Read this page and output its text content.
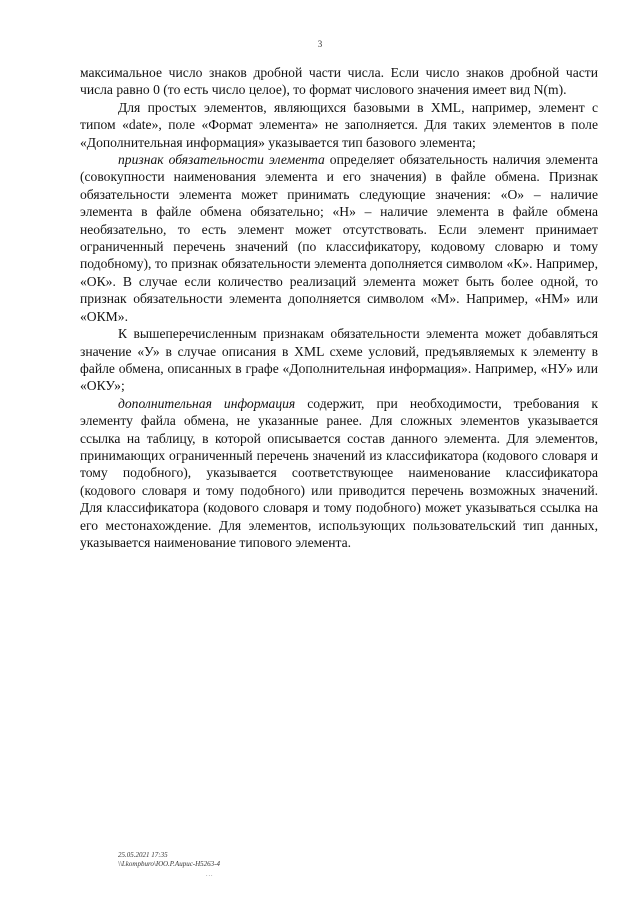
3

максимальное число знаков дробной части числа. Если число знаков дробной части числа равно 0 (то есть число целое), то формат числового значения имеет вид N(m).

Для простых элементов, являющихся базовыми в XML, например, элемент с типом «date», поле «Формат элемента» не заполняется. Для таких элементов в поле «Дополнительная информация» указывается тип базового элемента;

признак обязательности элемента определяет обязательность наличия элемента (совокупности наименования элемента и его значения) в файле обмена. Признак обязательности элемента может принимать следующие значения: «О» – наличие элемента в файле обмена обязательно; «Н» – наличие элемента в файле обмена необязательно, то есть элемент может отсутствовать. Если элемент принимает ограниченный перечень значений (по классификатору, кодовому словарю и тому подобному), то признак обязательности элемента дополняется символом «К». Например, «ОК». В случае если количество реализаций элемента может быть более одной, то признак обязательности элемента дополняется символом «М». Например, «НМ» или «ОКМ».

К вышеперечисленным признакам обязательности элемента может добавляться значение «У» в случае описания в XML схеме условий, предъявляемых к элементу в файле обмена, описанных в графе «Дополнительная информация». Например, «НУ» или «ОКУ»;

дополнительная информация содержит, при необходимости, требования к элементу файла обмена, не указанные ранее. Для сложных элементов указывается ссылка на таблицу, в которой описывается состав данного элемента. Для элементов, принимающих ограниченный перечень значений из классификатора (кодового словаря и тому подобного), указывается соответствующее наименование классификатора (кодового словаря и тому подобного) или приводится перечень возможных значений. Для классификатора (кодового словаря и тому подобного) может указываться ссылка на его местонахождение. Для элементов, использующих пользовательский тип данных, указывается наименование типового элемента.

25.05.2021 17:35
\\Lkompburo\ЮО.P.Аирис-Н5263-4
...
